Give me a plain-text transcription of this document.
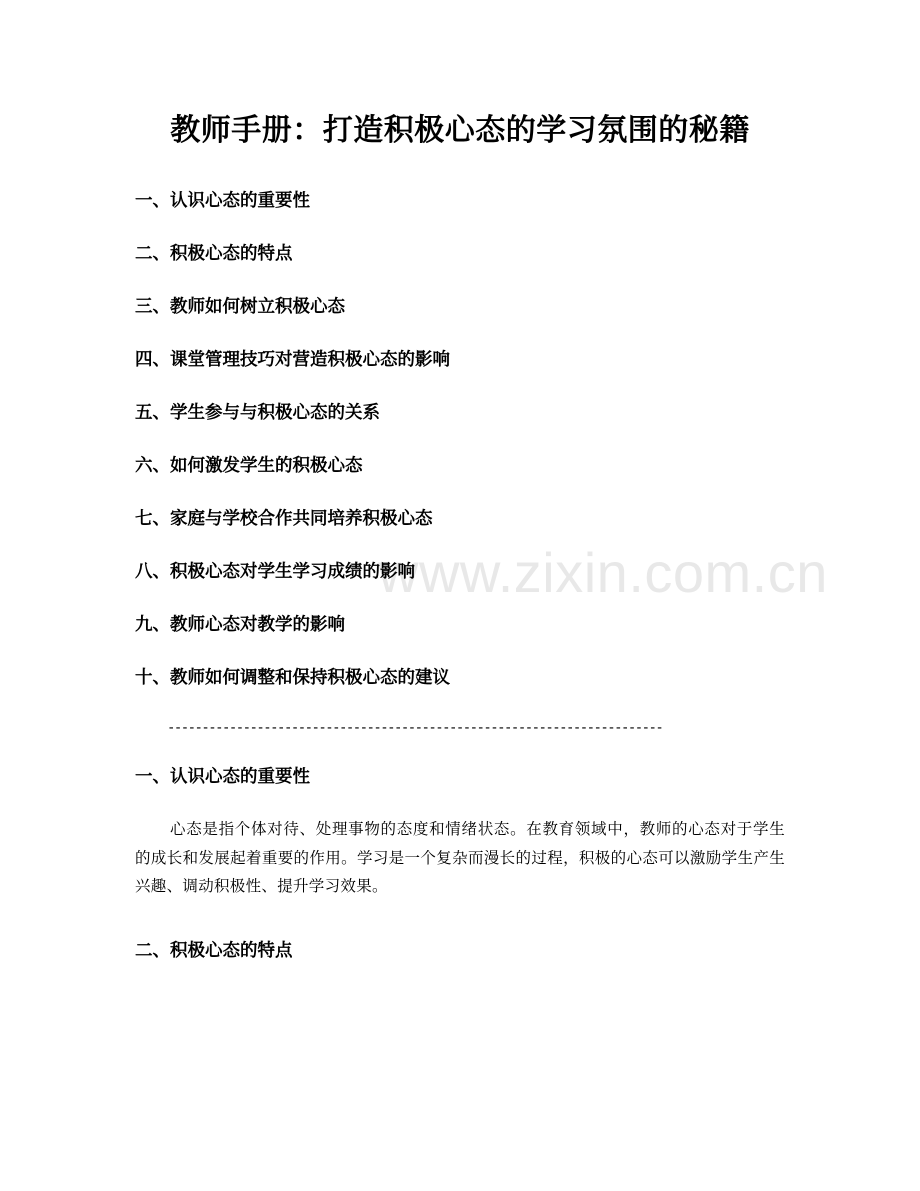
www.zixin.com.cn
教师手册：打造积极心态的学习氛围的秘籍
一、认识心态的重要性
二、积极心态的特点
三、教师如何树立积极心态
四、课堂管理技巧对营造积极心态的影响
五、学生参与与积极心态的关系
六、如何激发学生的积极心态
七、家庭与学校合作共同培养积极心态
八、积极心态对学生学习成绩的影响
九、教师心态对教学的影响
十、教师如何调整和保持积极心态的建议
------------------------------------------------------------------------
一、认识心态的重要性

心态是指个体对待、处理事物的态度和情绪状态。在教育领域中，教师的心态对于学生的成长和发展起着重要的作用。学习是一个复杂而漫长的过程，积极的心态可以激励学生产生兴趣、调动积极性、提升学习效果。

二、积极心态的特点
